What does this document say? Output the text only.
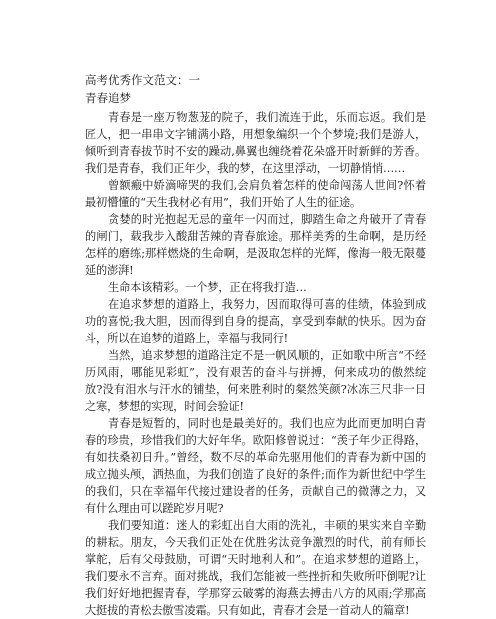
高考优秀作文范文：一
青春追梦

青春是一座万物葱茏的院子，我们流连于此，乐而忘返。我们是匠人，把一串串文字铺满小路，用想象编织一个个梦境;我们是游人，倾听到青春拔节时不安的躁动,鼻翼也缠绕着花朵盛开时新鲜的芳香。我们是青春，我们正年少，我的梦，在这里浮动，一切静悄悄……

曾额瘢中娇滴啼哭的我们,会肩负着怎样的使命闯荡人世间?怀着最初懵懂的“天生我材必有用”，我们开始了人生的征途。

贪婪的时光抱起无忌的童年一闪而过，脚踏生命之舟破开了青春的闸门，载我步入酸甜苦辣的青春旅途。那样美秀的生命啊，是历经怎样的磨练;那样燃烧的生命啊，是汲取怎样的光辉，像海一般无限蔓延的澎湃!

生命本该精彩。一个梦，正在将我打造…

在追求梦想的道路上，我努力，因而取得可喜的佳绩，体验到成功的喜悦;我大胆，因而得到自身的提高，享受到奉献的快乐。因为奋斗，所以在追梦的道路上，幸福与我同行!

当然，追求梦想的道路注定不是一帆风顺的，正如歌中所言“不经历风雨，哪能见彩虹”，没有艰苦的奋斗与拼搏，何来成功的傲然绽放?没有泪水与汗水的铺垫，何来胜利时的粲然笑颜?冰冻三尺非一日之寒，梦想的实现，时间会验证!

青春是短暂的，同时也是最美好的。我们也应为此而更加明白青春的珍贵，珍惜我们的大好年华。欧阳修曾说过：“羡子年少正得路，有如扶桑初日升。”曾经，数不尽的革命先驱用他们的青春为新中国的成立抛头颅，洒热血，为我们创造了良好的条件;而作为新世纪中学生的我们，只在幸福年代接过建设者的任务，贡献自己的微薄之力，又有什么理由可以蹉跎岁月呢?

我们要知道：迷人的彩虹出自大雨的洗礼，丰硕的果实来自辛勤的耕耘。朋友，今天我们正处在优胜劣汰竞争激烈的时代，前有师长掌舵，后有父母鼓励，可谓“天时地利人和”。在追求梦想的道路上，我们要永不言弃。面对挑战，我们怎能被一些挫折和失败所吓倒呢?让我们好好地把握青春，学那穿云破雾的海燕去搏击八方的风雨;学那高大挺拔的青松去傲雪凌霜。只有如此，青春才会是一首动人的篇章!
